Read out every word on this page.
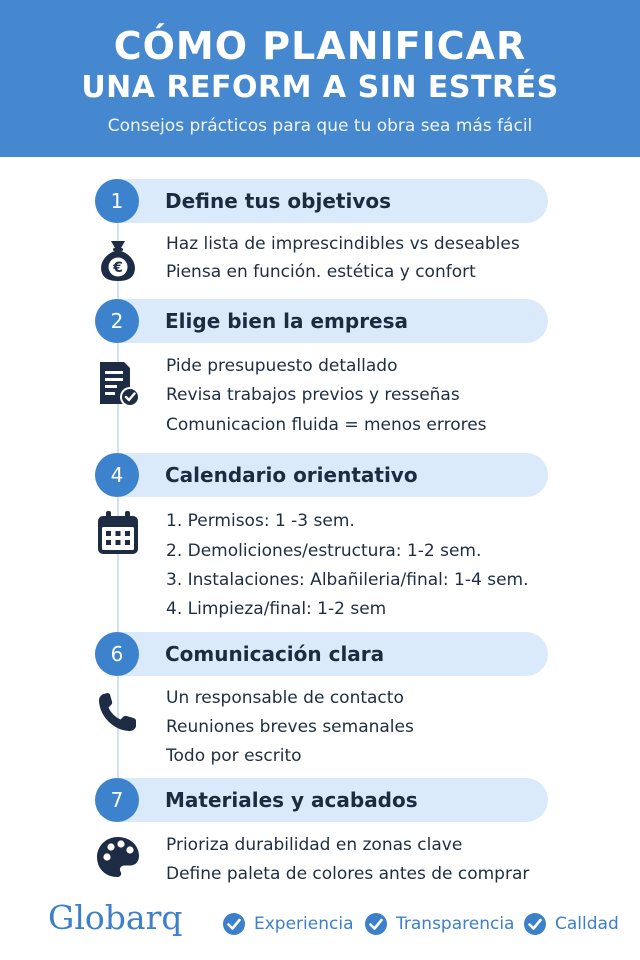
CÓMO PLANIFICAR
UNA REFORM A SIN ESTRÉS
Consejos prácticos para que tu obra sea más fácil
1	Define tus objetivos
€
Haz lista de imprescindibles vs deseables
Piensa en función. estética y confort
2	Elige bien la empresa
Pide presupuesto detallado
Revisa trabajos previos y resseñas
Comunicacion fluida = menos errores
4	Calendario orientativo
1. Permisos: 1 -3 sem.
2. Demoliciones/estructura: 1-2 sem.
3. Instalaciones: Albañileria/final: 1-4 sem.
4. Limpieza/final: 1-2 sem
6	Comunicación clara
Un responsable de contacto
Reuniones breves semanales
Todo por escrito
7	Materiales y acabados
Prioriza durabilidad en zonas clave
Define paleta de colores antes de comprar
Globarq	Experiencia	Transparencia Calldad
